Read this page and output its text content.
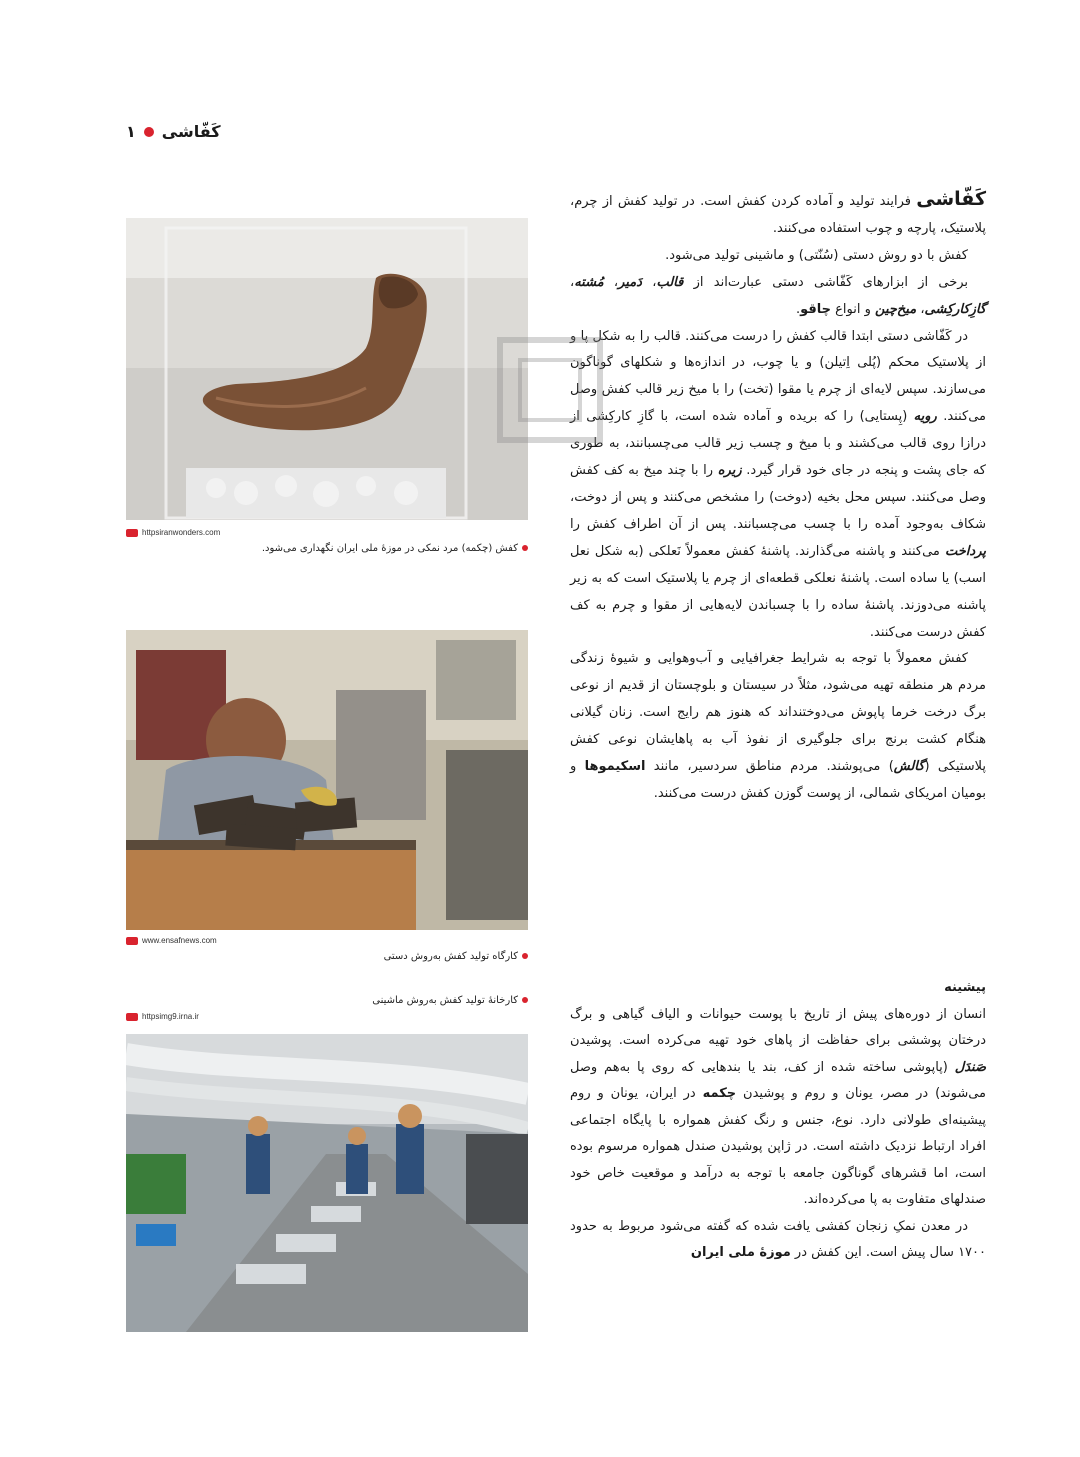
۱ کَفّاشی

کَفّاشی فرایند تولید و آماده کردن کفش است. در تولید کفش از چرم، پلاستیک، پارچه و چوب استفاده می‌کنند.

کفش با دو روش دستی (سُنّتی) و ماشینی تولید می‌شود.

برخی از ابزارهای کَفّاشی دستی عبارت‌اند از قالب، دَمیر، مُشته، گازِکارکِشی، میخ‌چین و انواع چاقو.

در کَفّاشی دستی ابتدا قالب کفش را درست می‌کنند. قالب را به شکل پا و از پلاستیک محکم (پُلی اِتیلن) و یا چوب، در اندازه‌ها و شکلهای گوناگون می‌سازند. سپس لایه‌ای از چرم یا مقوا (تخت) را با میخ زیر قالب کفش وصل می‌کنند. رویه (پِستایی) را که بریده و آماده شده است، با گازِ کارکِشی از درازا روی قالب می‌کشند و با میخ و چسب زیر قالب می‌چسبانند، به طوری که جای پشت و پنجه در جای خود قرار گیرد. زیره را با چند میخ به کف کفش وصل می‌کنند. سپس محل بخیه (دوخت) را مشخص می‌کنند و پس از دوخت، شکاف به‌وجود آمده را با چسب می‌چسبانند. پس از آن اطراف کفش را پرداخت می‌کنند و پاشنه می‌گذارند. پاشنهٔ کفش معمولاً نَعلکی (به شکل نعل اسب) یا ساده است. پاشنهٔ نعلکی قطعه‌ای از چرم یا پلاستیک است که به زیر پاشنه می‌دوزند. پاشنهٔ ساده را با چسباندن لایه‌هایی از مقوا و چرم به کف کفش درست می‌کنند.

کفش معمولاً با توجه به شرایط جغرافیایی و آب‌وهوایی و شیوهٔ زندگی مردم هر منطقه تهیه می‌شود، مثلاً در سیستان و بلوچستان از قدیم از نوعی برگ درخت خرما پاپوش می‌دوختند‌اند که هنوز هم رایج است. زنان گیلانی هنگام کشت برنج برای جلوگیری از نفوذ آب به پاهایشان نوعی کفش پلاستیکی (گالش) می‌پوشند. مردم مناطق سردسیر، مانند اسکیموها و بومیان امریکای شمالی، از پوست گوزن کفش درست می‌کنند.

پیشینه

انسان از دوره‌های پیش از تاریخ با پوست حیوانات و الیاف گیاهی و برگ درختان پوششی برای حفاظت از پاهای خود تهیه می‌کرده است. پوشیدن صَندَل (پاپوشی ساخته شده از کف، بند یا بندهایی که روی پا به‌هم وصل می‌شوند) در مصر، یونان و روم و پوشیدن چکمه در ایران، یونان و روم پیشینه‌ای طولانی دارد. نوع، جنس و رنگ کفش همواره با پایگاه اجتماعی افراد ارتباط نزدیک داشته است. در ژاپن پوشیدن صندل همواره مرسوم بوده است، اما قشرهای گوناگون جامعه با توجه به درآمد و موقعیت خاص خود صندلهای متفاوت به پا می‌کرده‌اند.

در معدن نمکِ زنجان کفشی یافت شده که گفته می‌شود مربوط به حدود ۱۷۰۰ سال پیش است. این کفش در موزهٔ ملی ایران

httpsiranwonders.com
کفش (چکمه) مرد نمکی در موزهٔ ملی ایران نگهداری می‌شود.
www.ensafnews.com
کارگاه تولید کفش به‌روش دستی
کارخانهٔ تولید کفش به‌روش ماشینی
httpsimg9.irna.ir
